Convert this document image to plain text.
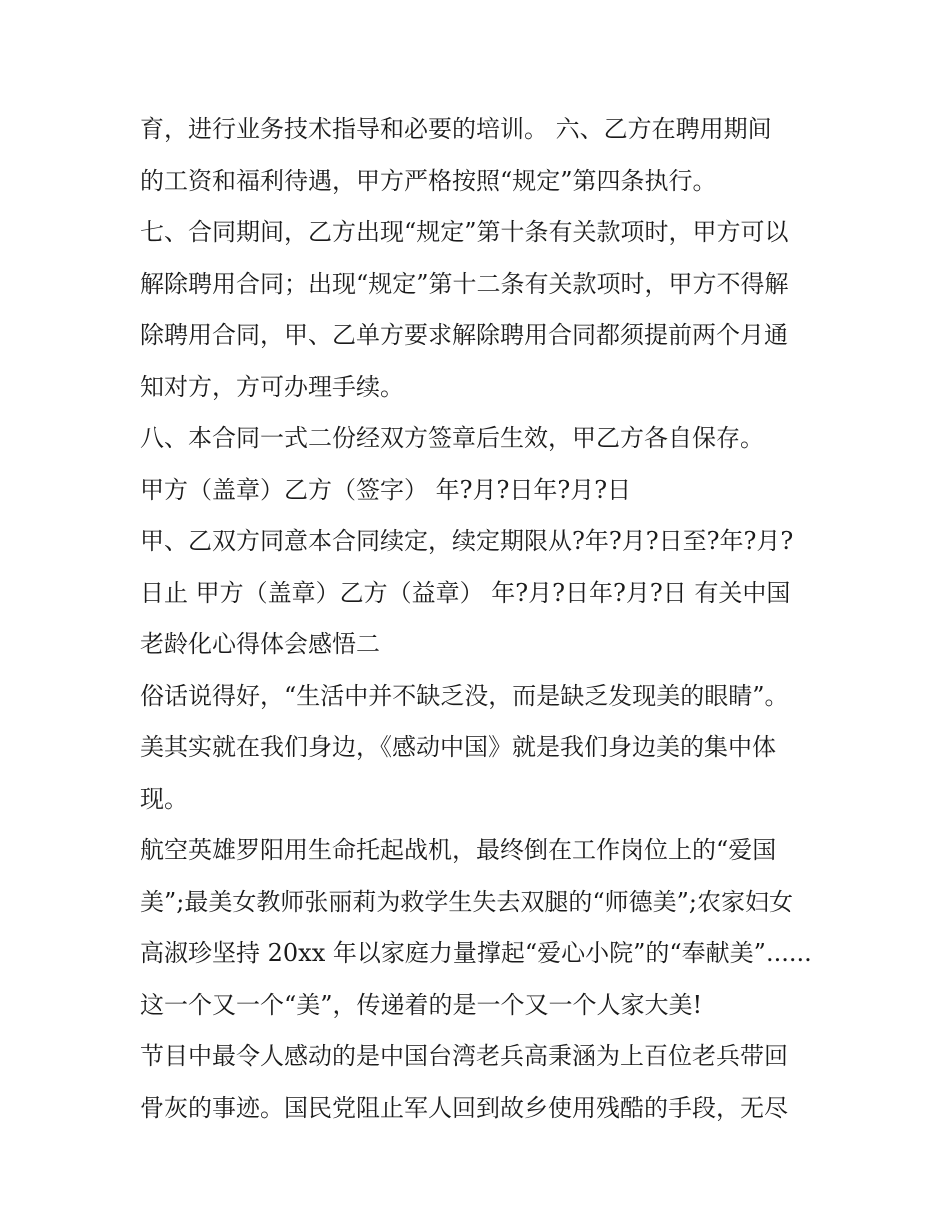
育，进行业务技术指导和必要的培训。 六、乙方在聘用期间
的工资和福利待遇，甲方严格按照“规定”第四条执行。
七、合同期间，乙方出现“规定”第十条有关款项时，甲方可以
解除聘用合同；出现“规定”第十二条有关款项时，甲方不得解
除聘用合同，甲、乙单方要求解除聘用合同都须提前两个月通
知对方，方可办理手续。
八、本合同一式二份经双方签章后生效，甲乙方各自保存。
甲方（盖章）乙方（签字） 年?月?日年?月?日
甲、乙双方同意本合同续定，续定期限从?年?月?日至?年?月?
日止 甲方（盖章）乙方（益章） 年?月?日年?月?日 有关中国
老龄化心得体会感悟二
俗话说得好，“生活中并不缺乏没，而是缺乏发现美的眼睛”。
美其实就在我们身边，《感动中国》就是我们身边美的集中体
现。
航空英雄罗阳用生命托起战机，最终倒在工作岗位上的“爱国
美”;最美女教师张丽莉为救学生失去双腿的“师德美”;农家妇女
高淑珍坚持 20xx 年以家庭力量撑起“爱心小院”的“奉献美”......
这一个又一个“美”，传递着的是一个又一个人家大美!
节目中最令人感动的是中国台湾老兵高秉涵为上百位老兵带回
骨灰的事迹。国民党阻止军人回到故乡使用残酷的手段，无尽
